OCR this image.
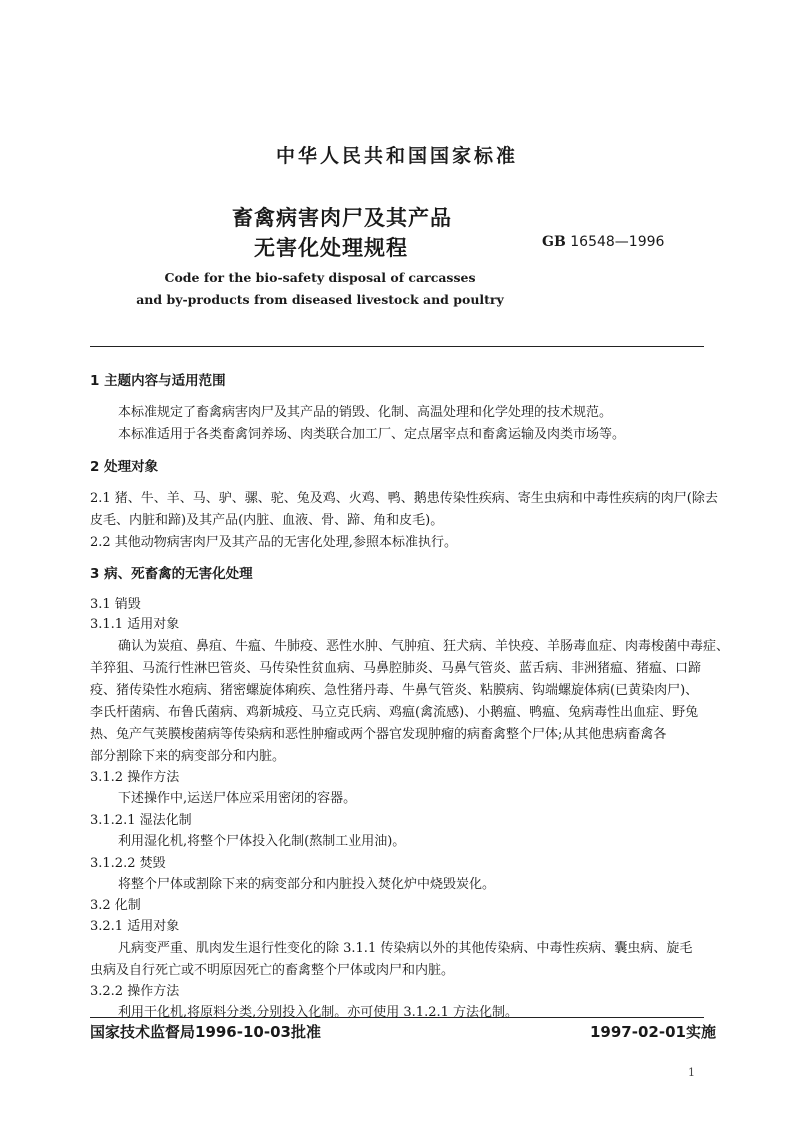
中华人民共和国国家标准
畜禽病害肉尸及其产品
无害化处理规程	GB 16548—1996
Code for the bio-safety disposal of carcasses
and by-products from diseased livestock and poultry
1 主题内容与适用范围
本标准规定了畜禽病害肉尸及其产品的销毁、化制、高温处理和化学处理的技术规范。
本标准适用于各类畜禽饲养场、肉类联合加工厂、定点屠宰点和畜禽运输及肉类市场等。
2 处理对象
2.1 猪、牛、羊、马、驴、骡、驼、兔及鸡、火鸡、鸭、鹅患传染性疾病、寄生虫病和中毒性疾病的肉尸(除去
皮毛、内脏和蹄)及其产品(内脏、血液、骨、蹄、角和皮毛)。
2.2 其他动物病害肉尸及其产品的无害化处理,参照本标准执行。
3 病、死畜禽的无害化处理
3.1 销毁
3.1.1 适用对象
确认为炭疽、鼻疽、牛瘟、牛肺疫、恶性水肿、气肿疽、狂犬病、羊快疫、羊肠毒血症、肉毒梭菌中毒症、
羊猝狙、马流行性淋巴管炎、马传染性贫血病、马鼻腔肺炎、马鼻气管炎、蓝舌病、非洲猪瘟、猪瘟、口蹄
疫、猪传染性水疱病、猪密螺旋体痢疾、急性猪丹毒、牛鼻气管炎、粘膜病、钩端螺旋体病(已黄染肉尸)、
李氏杆菌病、布鲁氏菌病、鸡新城疫、马立克氏病、鸡瘟(禽流感)、小鹅瘟、鸭瘟、兔病毒性出血症、野兔
热、兔产气荚膜梭菌病等传染病和恶性肿瘤或两个器官发现肿瘤的病畜禽整个尸体;从其他患病畜禽各
部分割除下来的病变部分和内脏。
3.1.2 操作方法
下述操作中,运送尸体应采用密闭的容器。
3.1.2.1 湿法化制
利用湿化机,将整个尸体投入化制(熬制工业用油)。
3.1.2.2 焚毁
将整个尸体或割除下来的病变部分和内脏投入焚化炉中烧毁炭化。
3.2 化制
3.2.1 适用对象
凡病变严重、肌肉发生退行性变化的除 3.1.1 传染病以外的其他传染病、中毒性疾病、囊虫病、旋毛
虫病及自行死亡或不明原因死亡的畜禽整个尸体或肉尸和内脏。
3.2.2 操作方法
利用干化机,将原料分类,分别投入化制。亦可使用 3.1.2.1 方法化制。
国家技术监督局1996-10-03批准	1997-02-01实施
1
